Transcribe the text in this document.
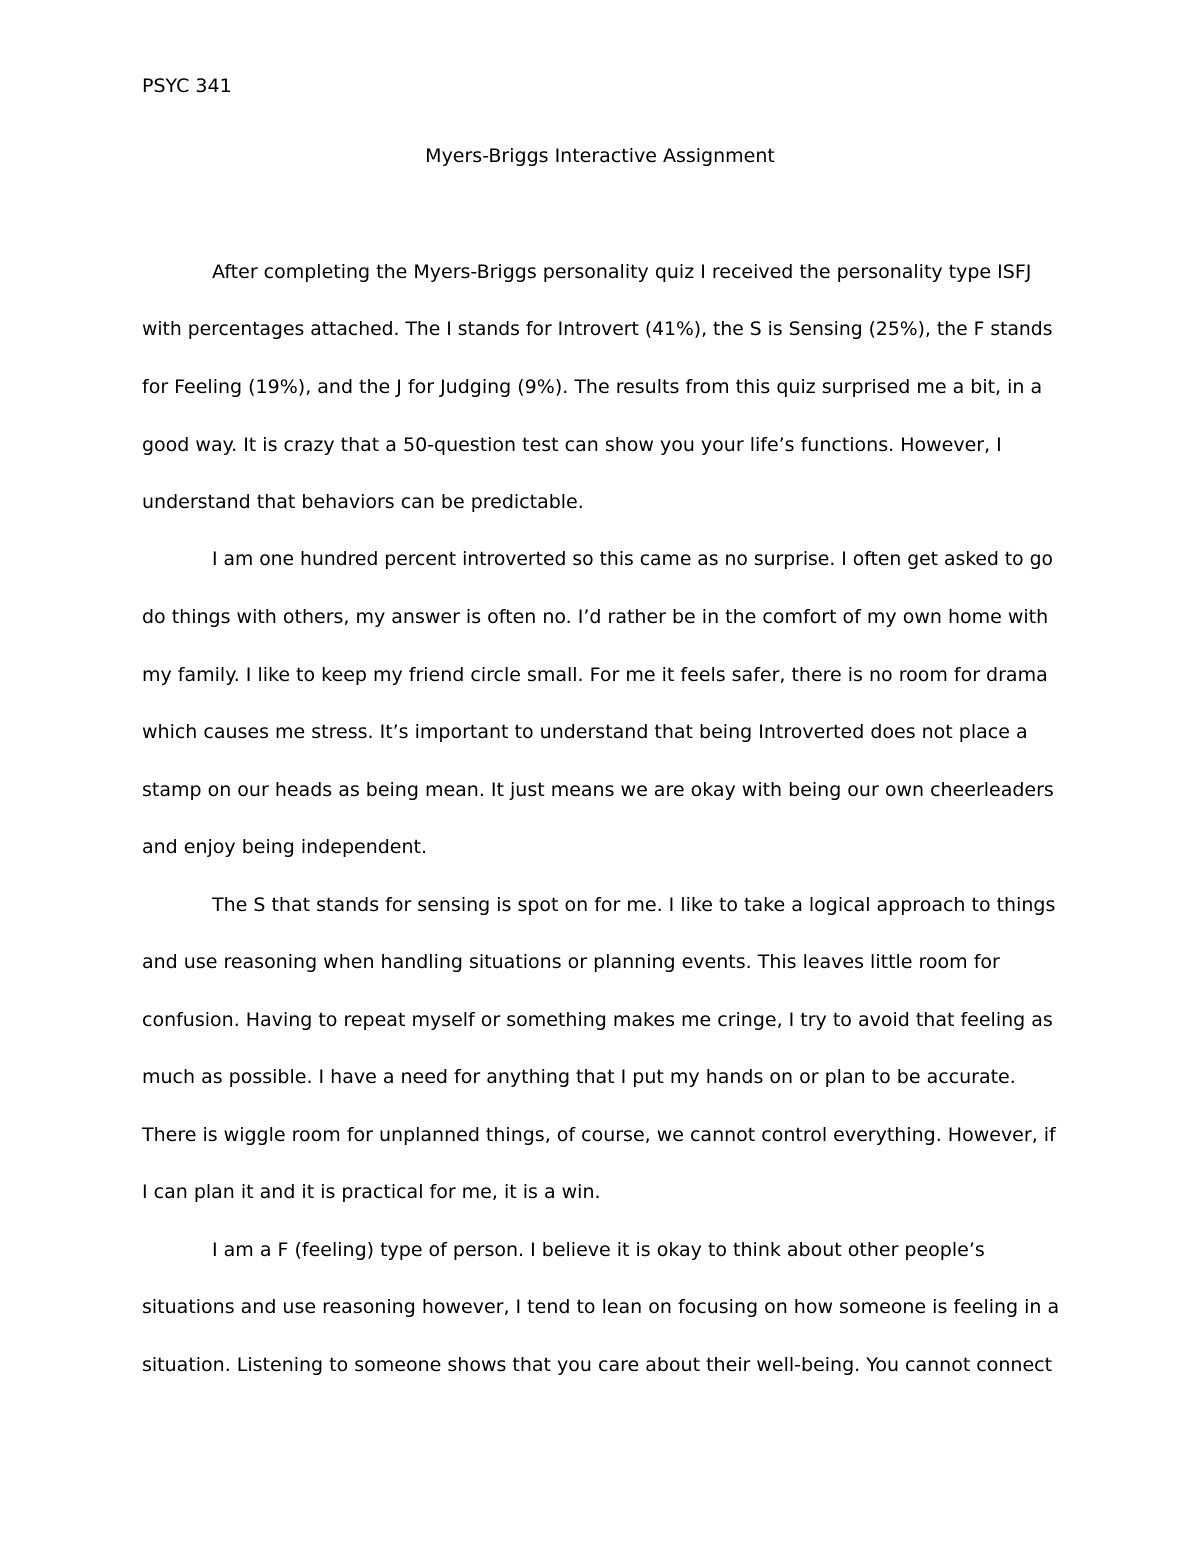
PSYC 341
Myers-Briggs Interactive Assignment
After completing the Myers-Briggs personality quiz I received the personality type ISFJ
with percentages attached. The I stands for Introvert (41%), the S is Sensing (25%), the F stands
for Feeling (19%), and the J for Judging (9%). The results from this quiz surprised me a bit, in a
good way. It is crazy that a 50-question test can show you your life’s functions. However, I
understand that behaviors can be predictable.
I am one hundred percent introverted so this came as no surprise. I often get asked to go
do things with others, my answer is often no. I’d rather be in the comfort of my own home with
my family. I like to keep my friend circle small. For me it feels safer, there is no room for drama
which causes me stress. It’s important to understand that being Introverted does not place a
stamp on our heads as being mean. It just means we are okay with being our own cheerleaders
and enjoy being independent.
The S that stands for sensing is spot on for me. I like to take a logical approach to things
and use reasoning when handling situations or planning events. This leaves little room for
confusion. Having to repeat myself or something makes me cringe, I try to avoid that feeling as
much as possible. I have a need for anything that I put my hands on or plan to be accurate.
There is wiggle room for unplanned things, of course, we cannot control everything. However, if
I can plan it and it is practical for me, it is a win.
I am a F (feeling) type of person. I believe it is okay to think about other people’s
situations and use reasoning however, I tend to lean on focusing on how someone is feeling in a
situation. Listening to someone shows that you care about their well-being. You cannot connect
